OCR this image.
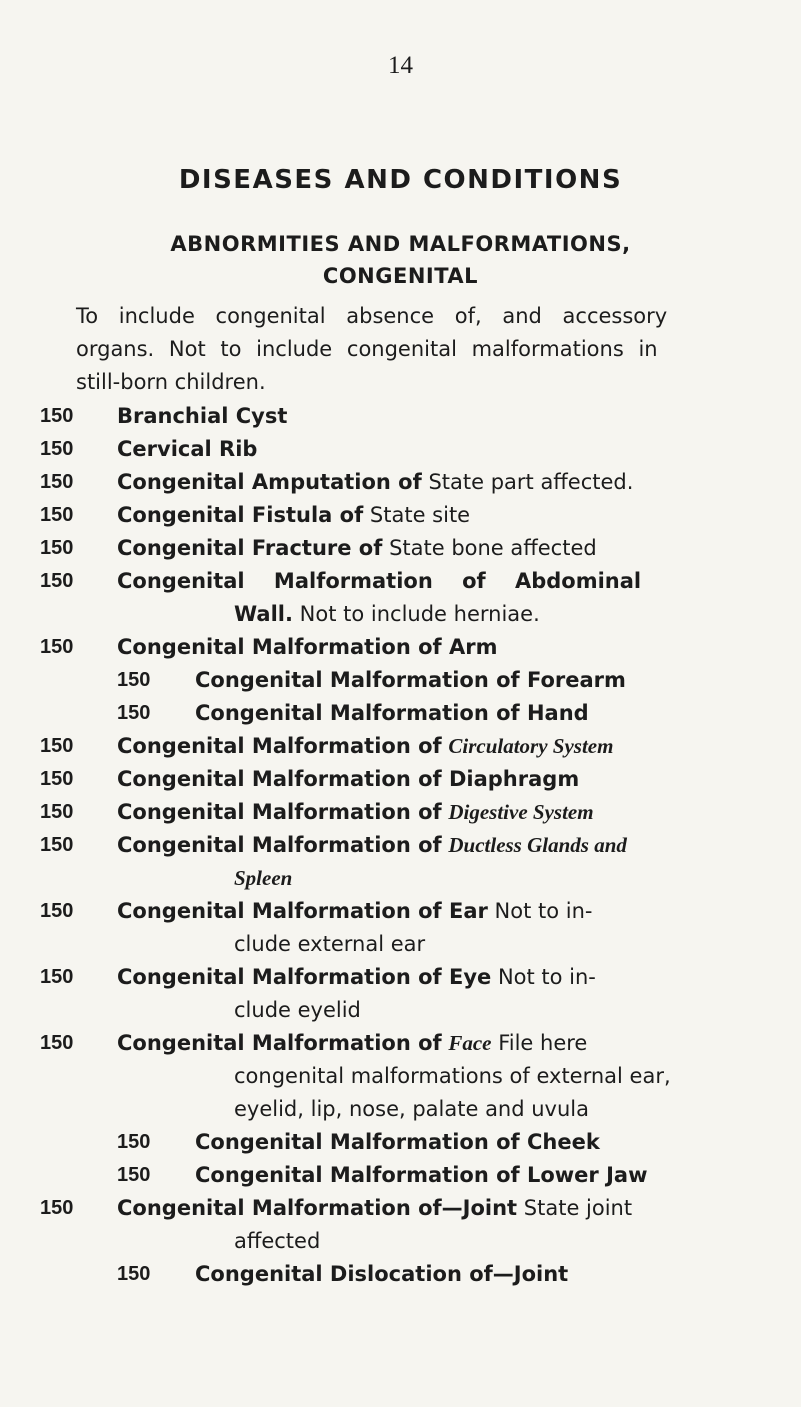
14
DISEASES AND CONDITIONS
ABNORMITIES AND MALFORMATIONS,
CONGENITAL
To include congenital absence of, and accessory
organs. Not to include congenital malformations in
still-born children.
150 Branchial Cyst
150 Cervical Rib
150 Congenital Amputation of State part affected.
150 Congenital Fistula of State site
150 Congenital Fracture of State bone affected
150 Congenital Malformation of Abdominal
Wall. Not to include herniae.
150 Congenital Malformation of Arm
150 Congenital Malformation of Forearm
150 Congenital Malformation of Hand
150 Congenital Malformation of Circulatory System
150 Congenital Malformation of Diaphragm
150 Congenital Malformation of Digestive System
150 Congenital Malformation of Ductless Glands and
Spleen
150 Congenital Malformation of Ear Not to in-
clude external ear
150 Congenital Malformation of Eye Not to in-
clude eyelid
150 Congenital Malformation of Face File here
congenital malformations of external ear,
eyelid, lip, nose, palate and uvula
150 Congenital Malformation of Cheek
150 Congenital Malformation of Lower Jaw
150 Congenital Malformation of—Joint State joint
affected
150 Congenital Dislocation of—Joint
